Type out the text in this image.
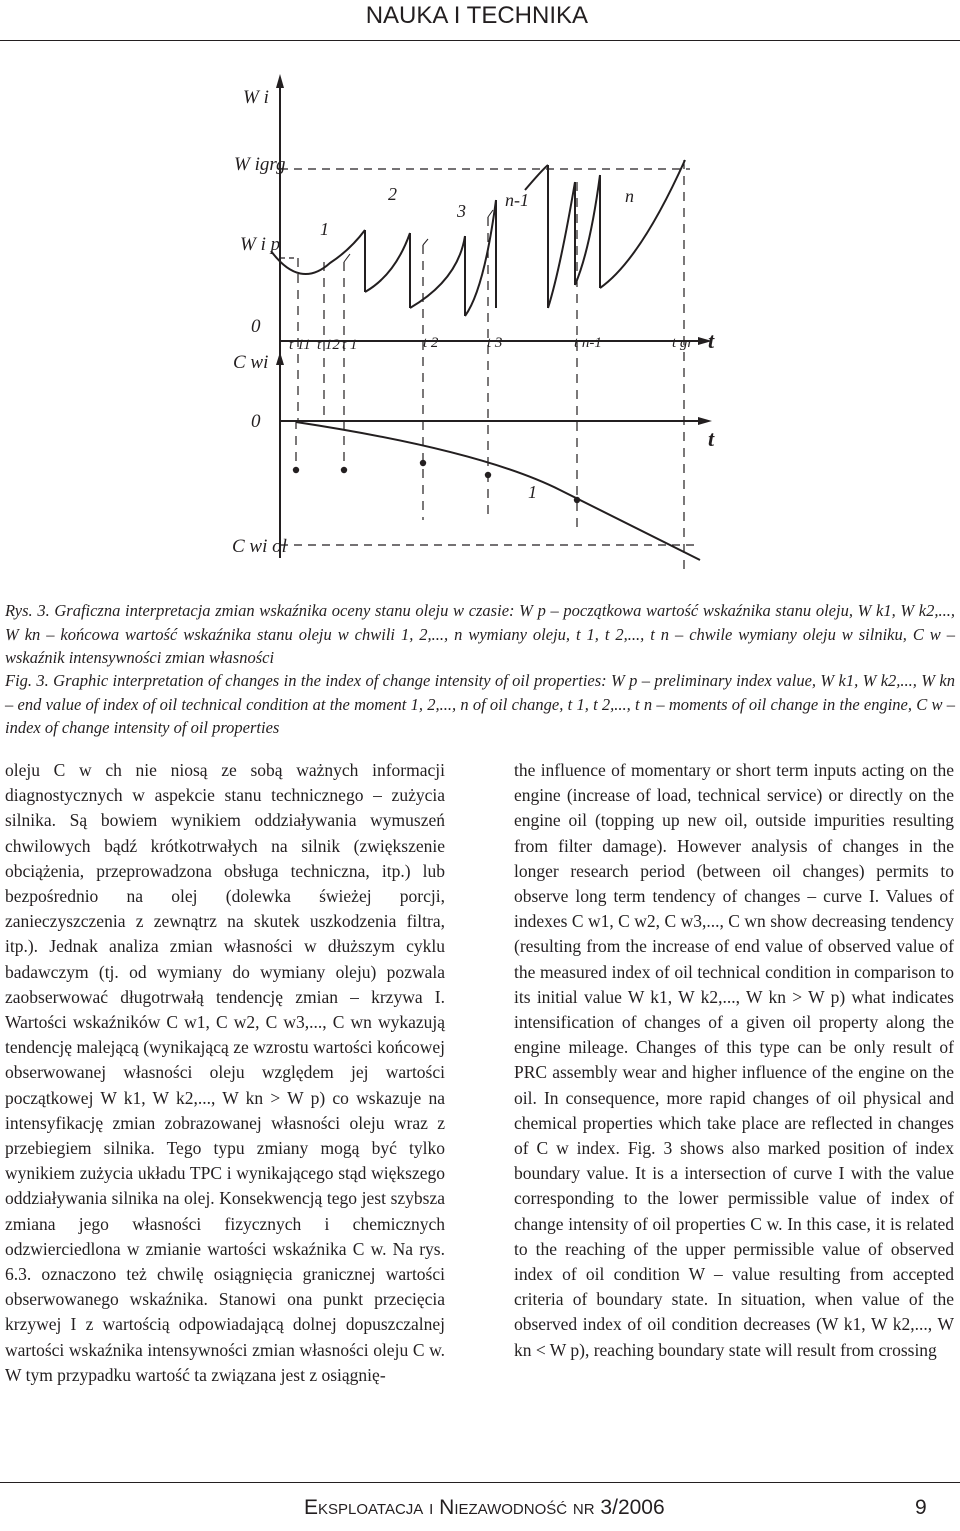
NAUKA I TECHNIKA
W i
W igrg
W i p
0
C wi
0
C wi ol
t
t
1
2
3
n-1	n
1
t 11 t 12 t 1	t 2	t 3	t n-1	t gr
Rys. 3. Graficzna interpretacja zmian wskaźnika oceny stanu oleju w czasie: W p – początkowa wartość wskaźnika stanu oleju, W k1, W k2,..., W kn – końcowa wartość wskaźnika stanu oleju w chwili 1, 2,..., n wymiany oleju, t 1, t 2,..., t n – chwile wymiany oleju w silniku, C w – wskaźnik intensywności zmian własności
Fig. 3. Graphic interpretation of changes in the index of change intensity of oil properties: W p – preliminary index value, W k1, W k2,..., W kn – end value of index of oil technical condition at the moment 1, 2,..., n of oil change, t 1, t 2,..., t n – moments of oil change in the engine, C w – index of change intensity of oil properties

oleju C w ch nie niosą ze sobą ważnych informacji diagnostycznych w aspekcie stanu technicznego – zużycia silnika. Są bowiem wynikiem oddziaływania wymuszeń chwilowych bądź krótkotrwałych na silnik (zwiększenie obciążenia, przeprowadzona obsługa techniczna, itp.) lub bezpośrednio na olej (dolewka świeżej porcji, zanieczyszczenia z zewnątrz na skutek uszkodzenia filtra, itp.). Jednak analiza zmian własności w dłuższym cyklu badawczym (tj. od wymiany do wymiany oleju) pozwala zaobserwować długotrwałą tendencję zmian – krzywa I. Wartości wskaźników C w1, C w2, C w3,..., C wn wykazują tendencję malejącą (wynikającą ze wzrostu wartości końcowej obserwowanej własności oleju względem jej wartości początkowej W k1, W k2,..., W kn > W p) co wskazuje na intensyfikację zmian zobrazowanej własności oleju wraz z przebiegiem silnika. Tego typu zmiany mogą być tylko wynikiem zużycia układu TPC i wynikającego stąd większego oddziaływania silnika na olej. Konsekwencją tego jest szybsza zmiana jego własności fizycznych i chemicznych odzwierciedlona w zmianie wartości wskaźnika C w. Na rys. 6.3. oznaczono też chwilę osiągnięcia granicznej wartości obserwowanego wskaźnika. Stanowi ona punkt przecięcia krzywej I z wartością odpowiadającą dolnej dopuszczalnej wartości wskaźnika intensywności zmian własności oleju C w. W tym przypadku wartość ta związana jest z osiągnię-

the influence of momentary or short term inputs acting on the engine (increase of load, technical service) or directly on the engine oil (topping up new oil, outside impurities resulting from filter damage). However analysis of changes in the longer research period (between oil changes) permits to observe long term tendency of changes – curve I. Values of indexes C w1, C w2, C w3,..., C wn show decreasing tendency (resulting from the increase of end value of observed value of the measured index of oil technical condition in comparison to its initial value W k1, W k2,..., W kn > W p) what indicates intensification of changes of a given oil property along the engine mileage. Changes of this type can be only result of PRC assembly wear and higher influence of the engine on the oil. In consequence, more rapid changes of oil physical and chemical properties which take place are reflected in changes of C w index. Fig. 3 shows also marked position of index boundary value. It is a intersection of curve I with the value corresponding to the lower permissible value of index of change intensity of oil properties C w. In this case, it is related to the reaching of the upper permissible value of observed index of oil condition W – value resulting from accepted criteria of boundary state. In situation, when value of the observed index of oil condition decreases (W k1, W k2,..., W kn < W p), reaching boundary state will result from crossing

Eksploatacja i Niezawodność nr 3/2006	9
